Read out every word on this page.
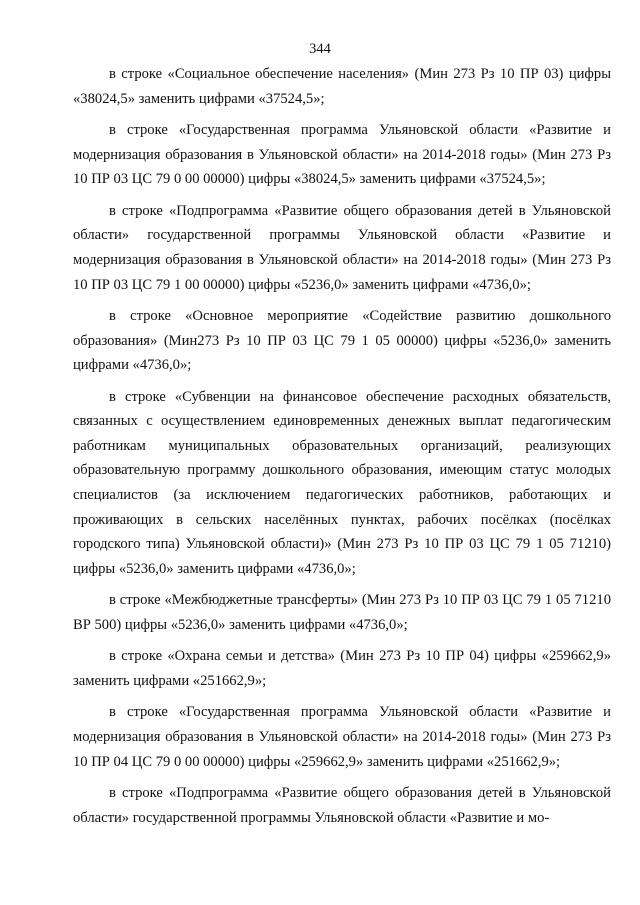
344

в строке «Социальное обеспечение населения» (Мин 273 Рз 10 ПР 03) цифры «38024,5» заменить цифрами «37524,5»;

в строке «Государственная программа Ульяновской области «Развитие и модернизация образования в Ульяновской области» на 2014-2018 годы» (Мин 273 Рз 10 ПР 03 ЦС 79 0 00 00000) цифры «38024,5» заменить цифрами «37524,5»;

в строке «Подпрограмма «Развитие общего образования детей в Ульяновской области» государственной программы Ульяновской области «Развитие и модернизация образования в Ульяновской области» на 2014-2018 годы» (Мин 273 Рз 10 ПР 03 ЦС 79 1 00 00000) цифры «5236,0» заменить цифрами «4736,0»;

в строке «Основное мероприятие «Содействие развитию дошкольного образования» (Мин273 Рз 10 ПР 03 ЦС 79 1 05 00000) цифры «5236,0» заменить цифрами «4736,0»;

в строке «Субвенции на финансовое обеспечение расходных обязательств, связанных с осуществлением единовременных денежных выплат педагогическим работникам муниципальных образовательных организаций, реализующих образовательную программу дошкольного образования, имеющим статус молодых специалистов (за исключением педагогических работников, работающих и проживающих в сельских населённых пунктах, рабочих посёлках (посёлках городского типа) Ульяновской области)» (Мин 273 Рз 10 ПР 03 ЦС 79 1 05 71210) цифры «5236,0» заменить цифрами «4736,0»;

в строке «Межбюджетные трансферты» (Мин 273 Рз 10 ПР 03 ЦС 79 1 05 71210 ВР 500) цифры «5236,0» заменить цифрами «4736,0»;

в строке «Охрана семьи и детства» (Мин 273 Рз 10 ПР 04) цифры «259662,9» заменить цифрами «251662,9»;

в строке «Государственная программа Ульяновской области «Развитие и модернизация образования в Ульяновской области» на 2014-2018 годы» (Мин 273 Рз 10 ПР 04 ЦС 79 0 00 00000) цифры «259662,9» заменить цифрами «251662,9»;

в строке «Подпрограмма «Развитие общего образования детей в Ульяновской области» государственной программы Ульяновской области «Развитие и мо-
